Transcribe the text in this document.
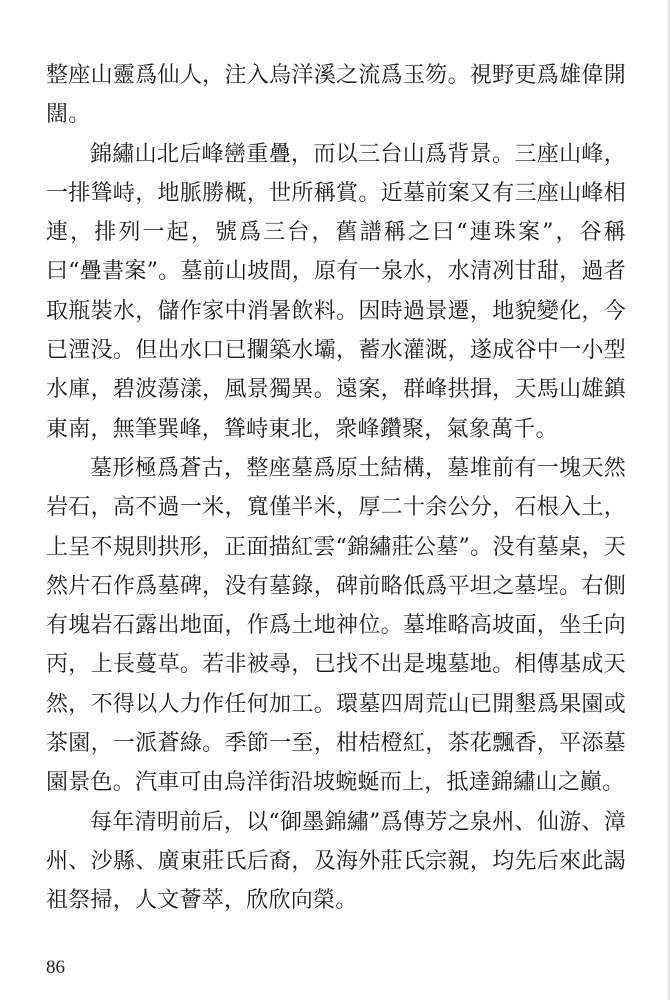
整座山靈爲仙人，注入烏洋溪之流爲玉笏。視野更爲雄偉開闊。

錦繡山北后峰巒重疊，而以三台山爲背景。三座山峰，一排聳峙，地脈勝概，世所稱賞。近墓前案又有三座山峰相連，排列一起，號爲三台，舊譜稱之曰“連珠案”，谷稱曰“疊書案”。墓前山坡間，原有一泉水，水清冽甘甜，過者取瓶裝水，儲作家中消暑飲料。因時過景遷，地貌變化，今已湮没。但出水口已攔築水壩，蓄水灌溉，遂成谷中一小型水庫，碧波蕩漾，風景獨異。遠案，群峰拱揖，天馬山雄鎮東南，無筆巽峰，聳峙東北，衆峰鑽聚，氣象萬千。

墓形極爲蒼古，整座墓爲原土結構，墓堆前有一塊天然岩石，高不過一米，寬僅半米，厚二十余公分，石根入土，上呈不規則拱形，正面描紅雲“錦繡莊公墓”。没有墓桌，天然片石作爲墓碑，没有墓錄，碑前略低爲平坦之墓埕。右側有塊岩石露出地面，作爲土地神位。墓堆略高坡面，坐壬向丙，上長蔓草。若非被尋，已找不出是塊墓地。相傳基成天然，不得以人力作任何加工。環墓四周荒山已開墾爲果園或茶園，一派蒼綠。季節一至，柑桔橙紅，茶花飄香，平添墓園景色。汽車可由烏洋街沿坡蜿蜒而上，抵達錦繡山之巓。

每年清明前后，以“御墨錦繡”爲傳芳之泉州、仙游、漳州、沙縣、廣東莊氏后裔，及海外莊氏宗親，均先后來此謁祖祭掃，人文薈萃，欣欣向榮。

86
